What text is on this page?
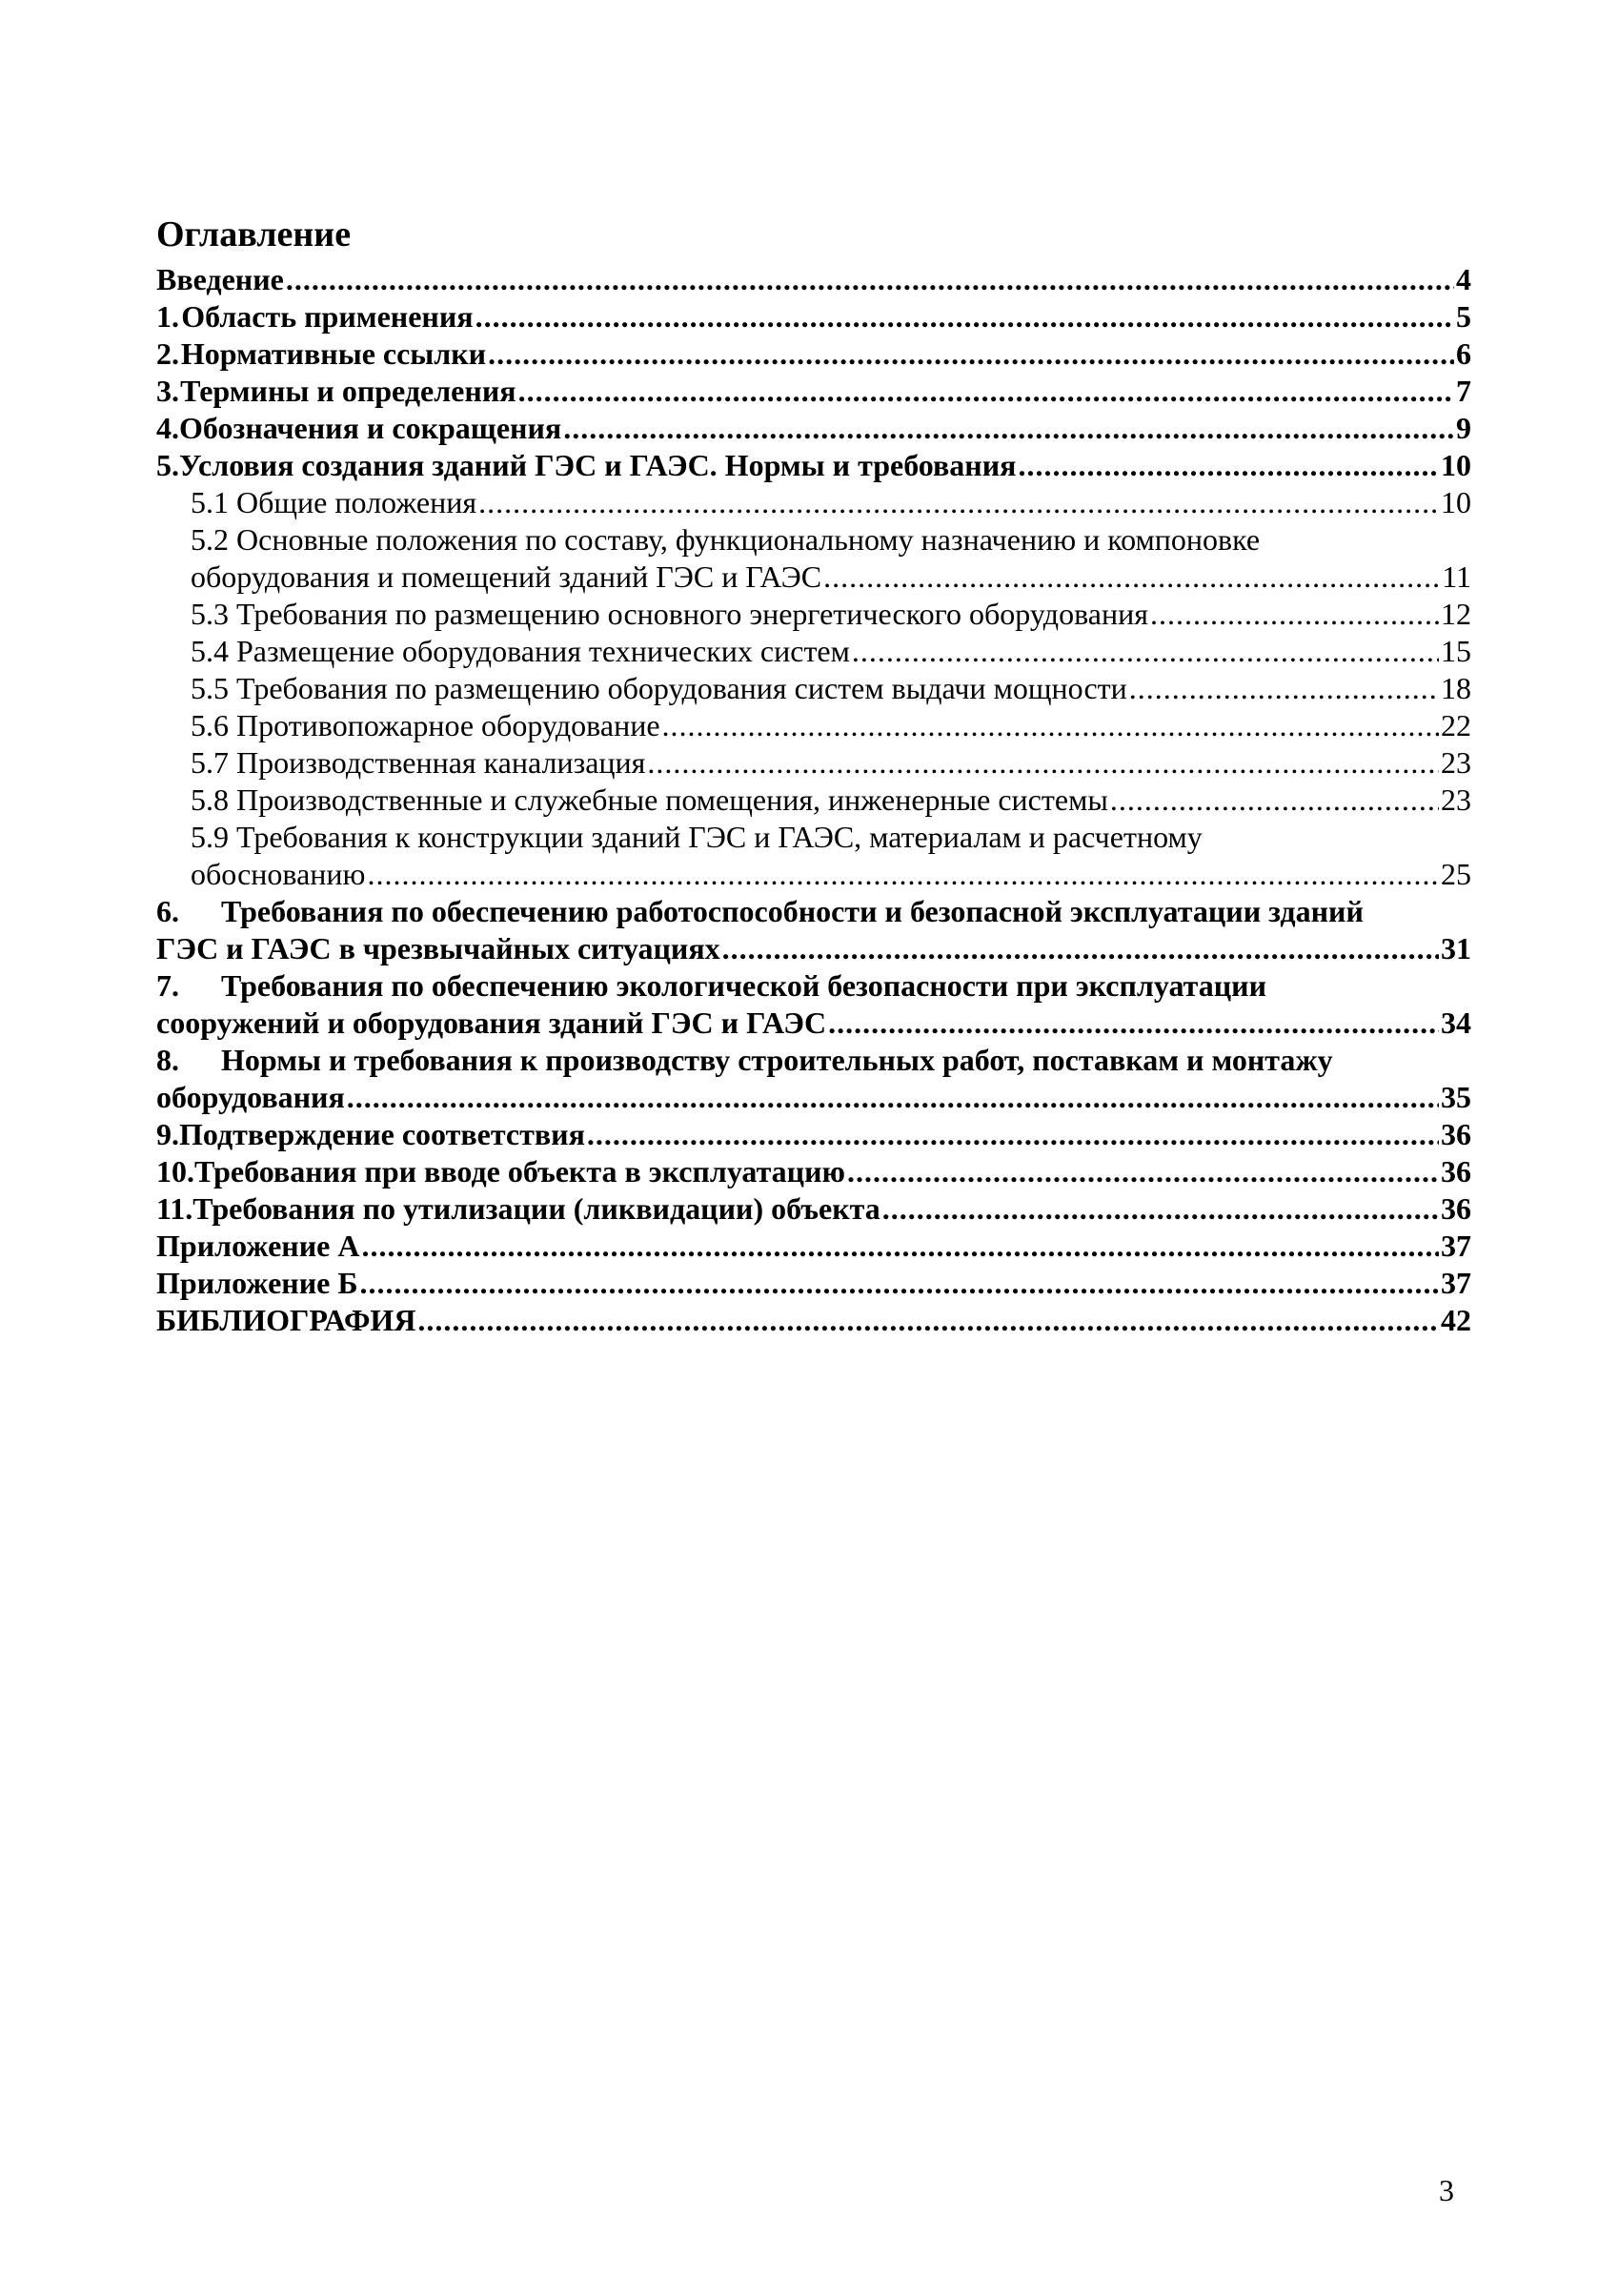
Оглавление
Введение .....	4
1. Область применения .....	5
2. Нормативные ссылки .....	6
3. Термины и определения .....	7
4. Обозначения и сокращения .....	9
5. Условия создания зданий ГЭС и ГАЭС. Нормы и требования .....	10
5.1 Общие положения .....	10
5.2 Основные положения по составу, функциональному назначению и компоновке
оборудования и помещений зданий ГЭС и ГАЭС .....	11
5.3 Требования по размещению основного энергетического оборудования .....	12
5.4 Размещение оборудования технических систем .....	15
5.5 Требования по размещению оборудования систем выдачи мощности .....	18
5.6 Противопожарное оборудование .....	22
5.7 Производственная канализация .....	23
5.8 Производственные и служебные помещения, инженерные системы .....	23
5.9 Требования к конструкции зданий ГЭС и ГАЭС, материалам и расчетному
обоснованию .....	25
6.	Требования по обеспечению работоспособности и безопасной эксплуатации зданий
ГЭС и ГАЭС в чрезвычайных ситуациях .....	31
7.	Требования по обеспечению экологической безопасности при эксплуатации
сооружений и оборудования зданий ГЭС и ГАЭС .....	34
8.	Нормы и требования к производству строительных работ, поставкам и монтажу
оборудования .....	35
9. Подтверждение соответствия .....	36
10. Требования при вводе объекта в эксплуатацию .....	36
11. Требования по утилизации (ликвидации) объекта .....	36
Приложение А .....	37
Приложение Б .....	37
БИБЛИОГРАФИЯ .....	42
3
